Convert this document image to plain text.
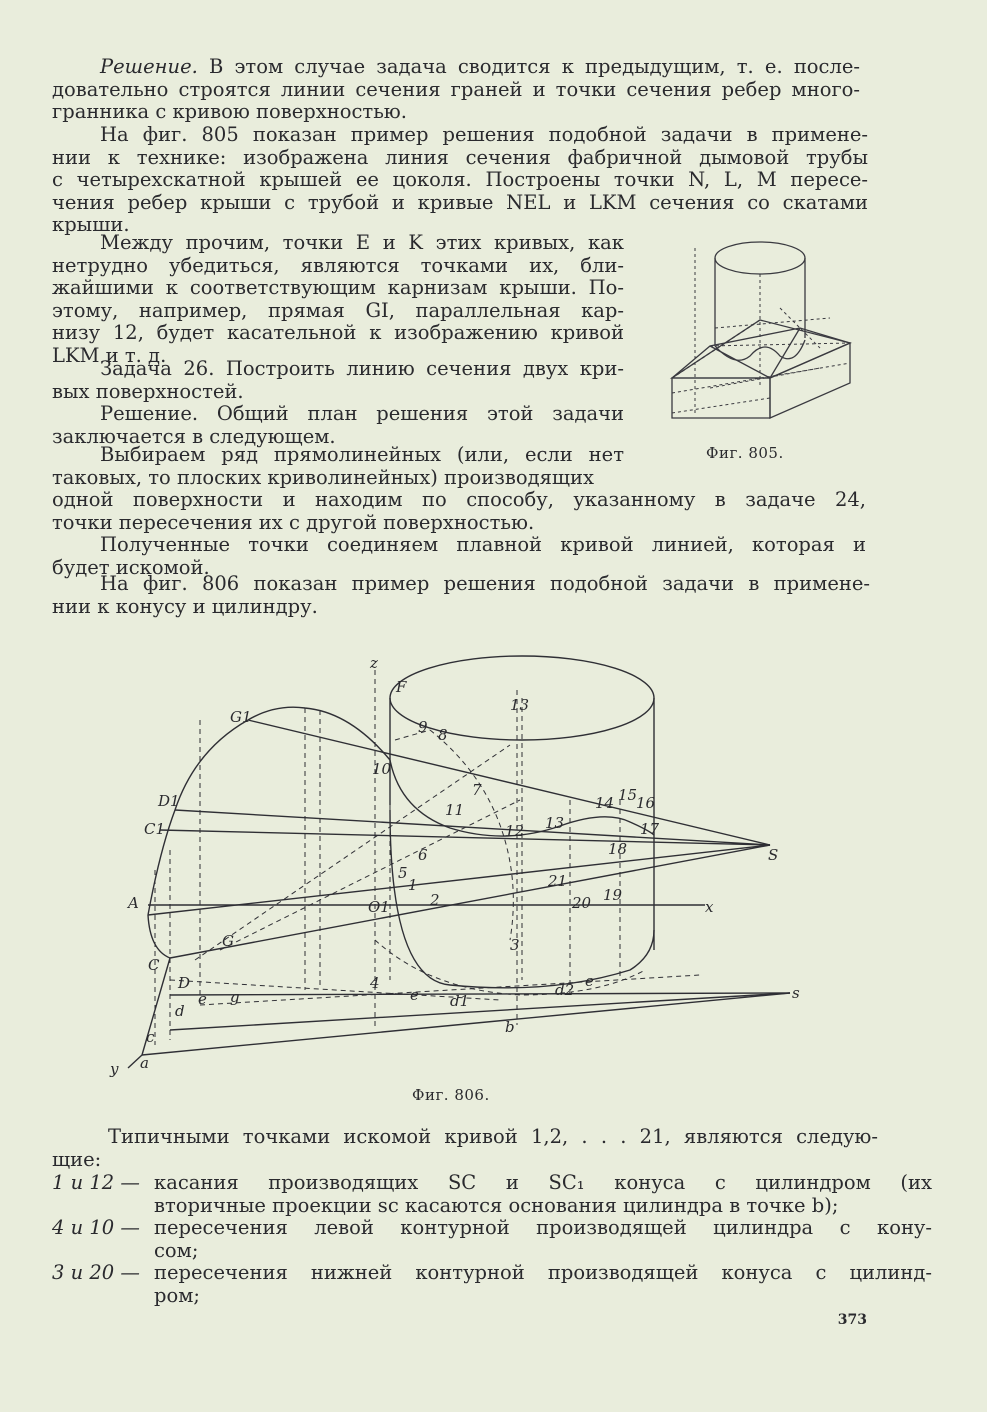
Решение. В этом случае задача сводится к предыдущим, т. е. после-
довательно строятся линии сечения граней и точки сечения ребер много-
гранника с кривою поверхностью.
На фиг. 805 показан пример решения подобной задачи в примене-
нии к технике: изображена линия сечения фабричной дымовой трубы
с четырехскатной крышей ее цоколя. Построены точки N, L, M пересе-
чения ребер крыши с трубой и кривые NEL и LKM сечения со скатами
крыши.
Между прочим, точки E и K этих кривых, как
нетрудно убедиться, являются точками их, бли-
жайшими к соответствующим карнизам крыши. По-
этому, например, прямая GI, параллельная кар-
низу 12, будет касательной к изображению кривой
LKM и т. д.
Задача 26. Построить линию сечения двух кри-
вых поверхностей.
Решение. Общий план решения этой задачи
заключается в следующем.
Выбираем ряд прямолинейных (или, если нет
таковых, то плоских криволинейных) производящих
одной поверхности и находим по способу, указанному в задаче 24,
точки пересечения их с другой поверхностью.
Полученные точки соединяем плавной кривой линией, которая и
будет искомой.
На фиг. 806 показан пример решения подобной задачи в примене-
нии к конусу и цилиндру.
Фиг. 805.
z
F
13
G1
9 8
10
7
D1	11
12 13
14 15
16
17
C1
S
18
6
5	21
1
2	20 19
A	O1	x
G
C
D
3
4
e g
d
e d1
d2 e
s
b
c
y a
Фиг. 806.
Типичными точками искомой кривой 1,2, . . . 21, являются следую-
щие:
1 и 12 — касания производящих SC и SC₁ конуса с цилиндром (их
вторичные проекции sc касаются основания цилиндра в точке b);
4 и 10 — пересечения левой контурной производящей цилиндра с кону-
сом;
3 и 20 — пересечения нижней контурной производящей конуса с цилинд-
ром;
373
